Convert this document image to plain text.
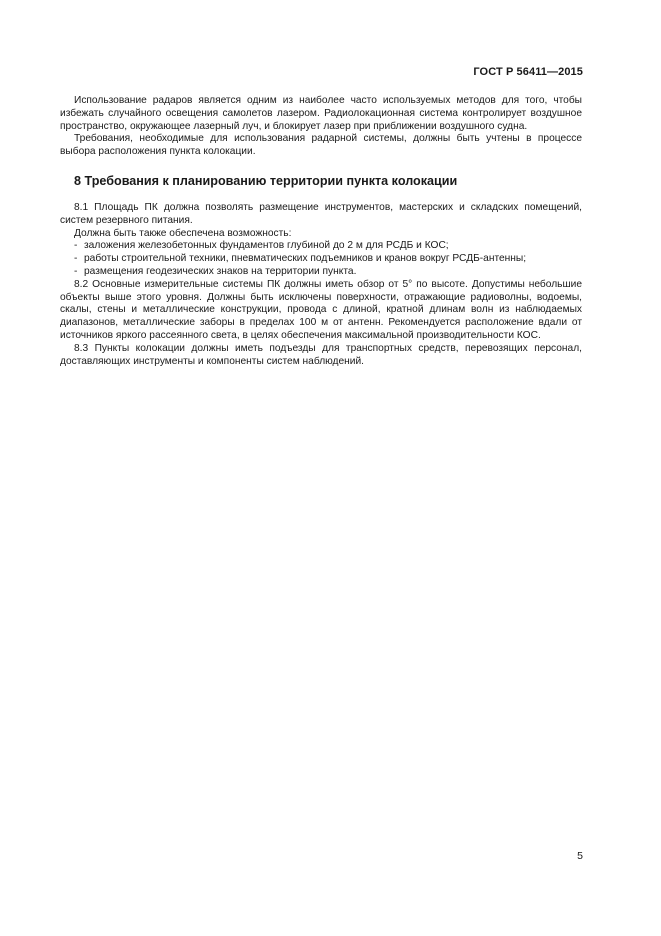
ГОСТ Р 56411—2015

Использование радаров является одним из наиболее часто используемых методов для того, чтобы избежать случайного освещения самолетов лазером. Радиолокационная система контролирует воздушное пространство, окружающее лазерный луч, и блокирует лазер при приближении воздушного судна.

Требования, необходимые для использования радарной системы, должны быть учтены в процессе выбора расположения пункта колокации.

8 Требования к планированию территории пункта колокации

8.1 Площадь ПК должна позволять размещение инструментов, мастерских и складских помещений, систем резервного питания.

Должна быть также обеспечена возможность:

- заложения железобетонных фундаментов глубиной до 2 м для РСДБ и КОС;
- работы строительной техники, пневматических подъемников и кранов вокруг РСДБ-антенны;
- размещения геодезических знаков на территории пункта.

8.2 Основные измерительные системы ПК должны иметь обзор от 5° по высоте. Допустимы небольшие объекты выше этого уровня. Должны быть исключены поверхности, отражающие радиоволны, водоемы, скалы, стены и металлические конструкции, провода с длиной, кратной длинам волн из наблюдаемых диапазонов, металлические заборы в пределах 100 м от антенн. Рекомендуется расположение вдали от источников яркого рассеянного света, в целях обеспечения максимальной производительности КОС.

8.3 Пункты колокации должны иметь подъезды для транспортных средств, перевозящих персонал, доставляющих инструменты и компоненты систем наблюдений.

5
